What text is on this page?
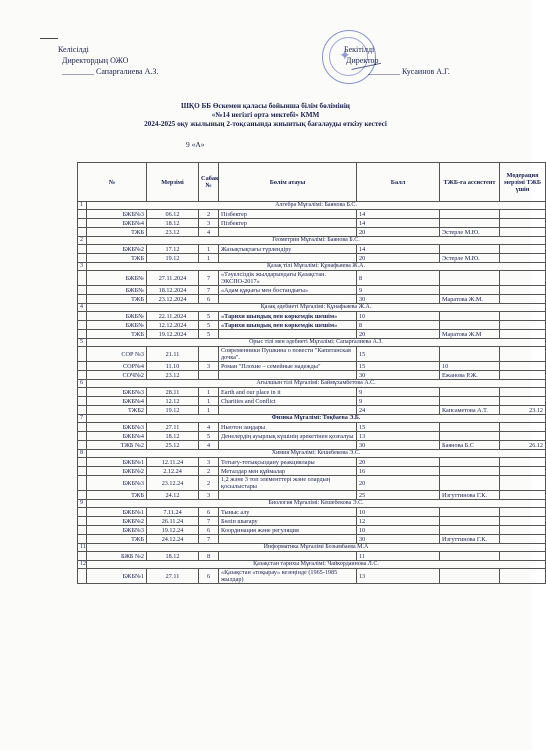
Келісілді
Директордың ОЖО
________ Сапарғалиева А.З.
✦
Бекітілді
Директор
________ Кусаинов А.Г.
ШҚО ББ Өскемен қаласы бойынша білім бөлімінің
«№14 негізгі орта мектебі» КММ
2024-2025 оқу жылының 2-тоқсанында жиынтық бағалауды өткізу кестесі
9 «А»
№		Мерзімі	Сабақ №	Бөлім атауы	Балл	ТЖБ-ға ассистент	Модерация мерзімі ТЖБ үшін
1	Алгебра Мұғалімі: Баянова Б.С.						
	БЖБ№3	06.12	2	Пізбектер	14		
	БЖБ№4	18.12	3	Пізбектер	14		
	ТЖБ	23.12	4		20	Эстерле М.Ю.	
2	Геометрия Мұғалімі: Баянова Б.С.						
	БЖБ№2	17.12	1	Жазықтықтағы түрлендіру	14		
	ТЖБ	19.12	1		20	Эстерле М.Ю.	
3	Қазақ тілі Мұғалімі: Құнафьяева Ж.А.						
	БЖБ№	27.11.2024	7	«Тәуелсіздік жылдарындағы Қазақстан. ЭКСПО-2017»	8		
	БЖБ№	18.12.2024	7	«Адам құқығы мен бостандығы»	9		
	ТЖБ	23.12.2024	6		30	Маратова Ж.М.	
4	Қазақ әдебиеті Мұғалімі: Құнафьяева Ж.А.						
	БЖБ№	22.11.2024	5	«Тарихи шындық пен көркемдік шешім»	10		
	БЖБ№	12.12.2024	5	«Тарихи шындық пен көркемдік шешім»	8		
	ТЖБ	19.12.2024	5		20	Маратова Ж.М	
5	Орыс тілі мен әдебиеті Мұғалімі: Сапарғалиева А.З.						
	СОР №3	21.11		Современники Пушкина о повести "Капитанская дочка".	15		
	СОР№4	11.10	3	Роман "Плохие – семейные надежды"	15	10	
	СОЧ№2	23.12			30	Ежанова Р.Ж.	
6	Ағылшын тілі Мұғалімі: Баймұхамбетова А.С.						
	БЖБ№3	28.11	1	Earth and our place in it	9		
	БЖБ№4	12.12	1	Charities and Conflict	9		
	ТЖБ2	19.12	1		24	Капсаметова А.Т.	23.12
7	Физика Мұғалімі: Тоқбаева Э.Б.						
	БЖБ№3	27.11	4	Ньютон заңдары	15		
	БЖБ№4	18.12	5	Денелердің ауырлық күшінің әрекетінен қозғалуы	13		
	ТЖБ №2	25.12	4		30	Баянова Б.С	26.12
8	Химия Мұғалімі: Кешебекова Э.С.						
	БЖБ№1	12.11.24	3	Тотығу-тотықсыздану реакциялары	20		
	БЖБ№2	2.12.24	2	Металдар мен құймалар	16		
	БЖБ№3	23.12.24	2	1,2 және 3 топ элементтері және олардың қосылыстары	20		
	ТЖБ	24.12	3		25	Изгуттинова Г.К.	
9	Биология Мұғалімі: Кешебекова Э.С.						
	БЖБ№1	7.11.24	6	Тыныс алу	10		
	БЖБ№2	26.11.24	7	Бөліп шығару	12		
	БЖБ№3	19.12.24	6	Координация және регуляция	10		
	ТЖБ	24.12.24	7		30	Изгуттинова Г.К.	
11	Информатика Мұғалімі Бозымбаева М.А						
	БЖБ №2	18.12	8		11		
12	Қазақстан тарихы Мұғалімі: Чайкордаинова Л.С.						
	БЖБ№1	27.11	6	«Қазақстан «тоқырау» кезеңінде (1965-1985 жылдар)	13		
